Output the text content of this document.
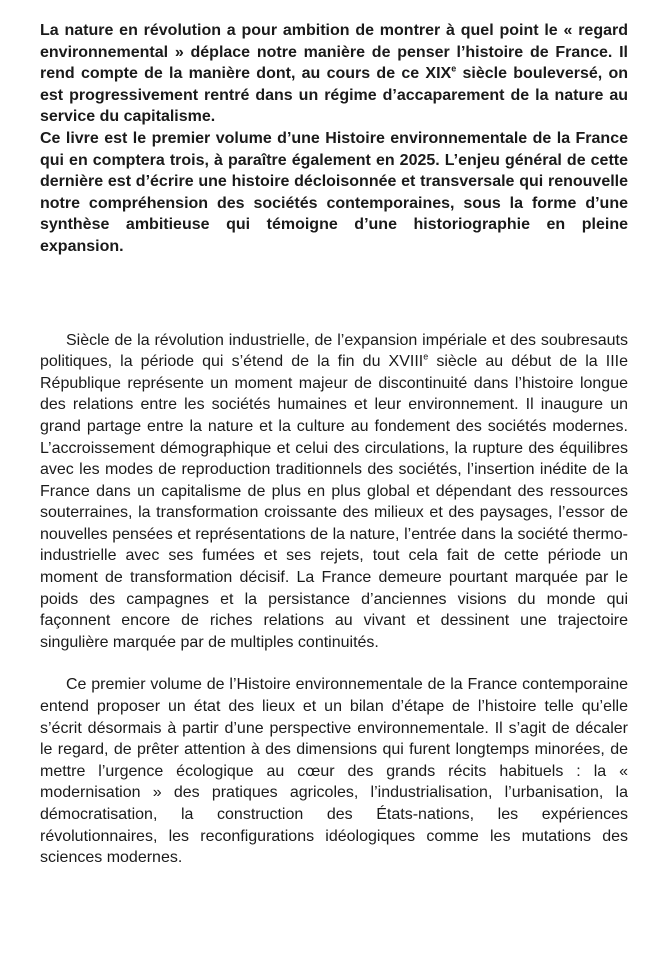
La nature en révolution a pour ambition de montrer à quel point le « regard environnemental » déplace notre manière de penser l’histoire de France. Il rend compte de la manière dont, au cours de ce XIXe siècle bouleversé, on est progressivement rentré dans un régime d’accaparement de la nature au service du capitalisme.

Ce livre est le premier volume d’une Histoire environnementale de la France qui en comptera trois, à paraître également en 2025. L’enjeu général de cette dernière est d’écrire une histoire décloisonnée et transversale qui renouvelle notre compréhension des sociétés contemporaines, sous la forme d’une synthèse ambitieuse qui témoigne d’une historiographie en pleine expansion.

Siècle de la révolution industrielle, de l’expansion impériale et des soubresauts politiques, la période qui s’étend de la fin du XVIIIe siècle au début de la IIIe République représente un moment majeur de discontinuité dans l’histoire longue des relations entre les sociétés humaines et leur environnement. Il inaugure un grand partage entre la nature et la culture au fondement des sociétés modernes. L’accroissement démographique et celui des circulations, la rupture des équilibres avec les modes de reproduction traditionnels des sociétés, l’insertion inédite de la France dans un capitalisme de plus en plus global et dépendant des ressources souterraines, la transformation croissante des milieux et des paysages, l’essor de nouvelles pensées et représentations de la nature, l’entrée dans la société thermo-industrielle avec ses fumées et ses rejets, tout cela fait de cette période un moment de transformation décisif. La France demeure pourtant marquée par le poids des campagnes et la persistance d’anciennes visions du monde qui façonnent encore de riches relations au vivant et dessinent une trajectoire singulière marquée par de multiples continuités.

Ce premier volume de l’Histoire environnementale de la France contemporaine entend proposer un état des lieux et un bilan d’étape de l’histoire telle qu’elle s’écrit désormais à partir d’une perspective environnementale. Il s’agit de décaler le regard, de prêter attention à des dimensions qui furent longtemps minorées, de mettre l’urgence écologique au cœur des grands récits habituels : la « modernisation » des pratiques agricoles, l’industrialisation, l’urbanisation, la démocratisation, la construction des États-nations, les expériences révolutionnaires, les reconfigurations idéologiques comme les mutations des sciences modernes.
